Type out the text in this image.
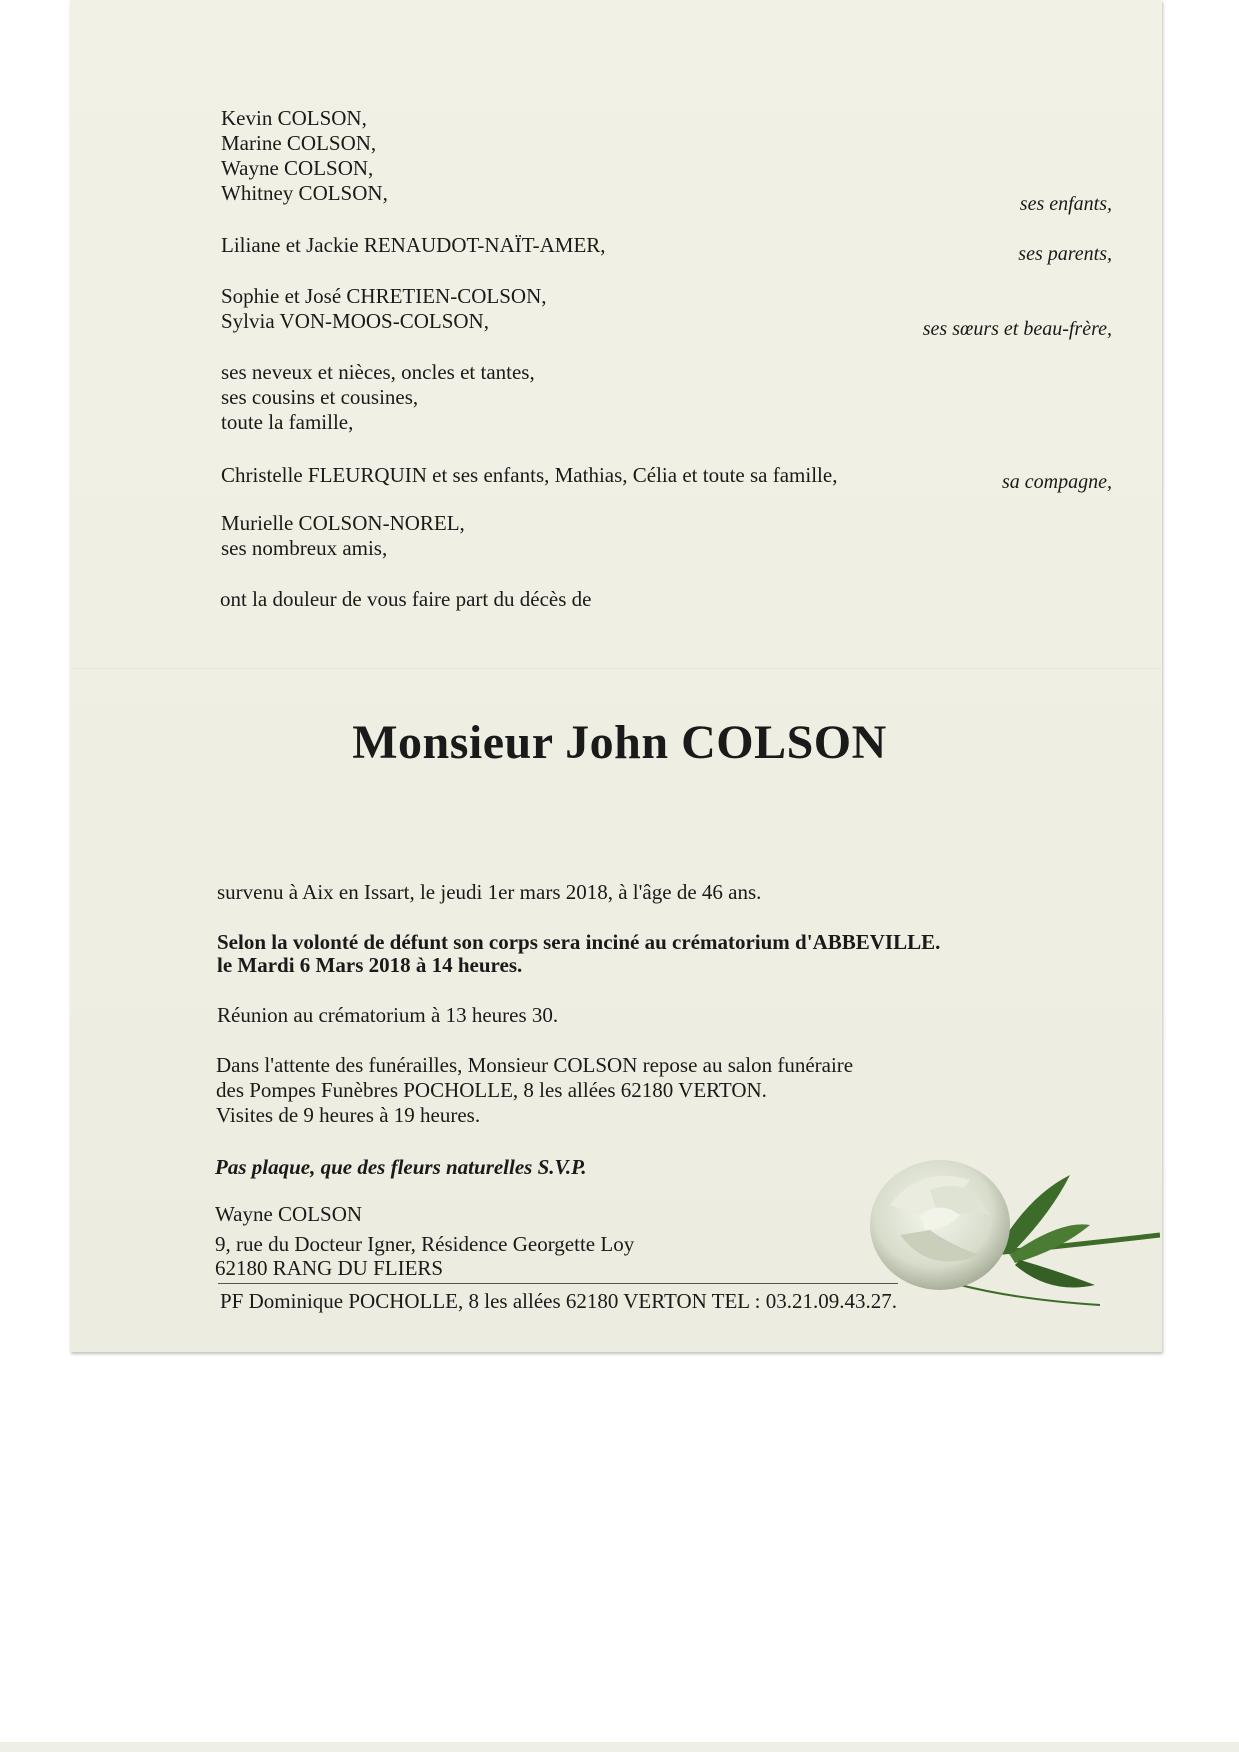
Kevin COLSON,
Marine COLSON,
Wayne COLSON,
Whitney COLSON,	ses enfants,
Liliane et Jackie RENAUDOT-NAÏT-AMER,	ses parents,
Sophie et José CHRETIEN-COLSON,
Sylvia VON-MOOS-COLSON,	ses sœurs et beau-frère,
ses neveux et nièces, oncles et tantes,
ses cousins et cousines,
toute la famille,
Christelle FLEURQUIN et ses enfants, Mathias, Célia et toute sa famille,	sa compagne,
Murielle COLSON-NOREL,
ses nombreux amis,
ont la douleur de vous faire part du décès de
Monsieur John COLSON
survenu à Aix en Issart, le jeudi 1er mars 2018, à l'âge de 46 ans.
Selon la volonté de défunt son corps sera inciné au crématorium d'ABBEVILLE.
le Mardi 6 Mars 2018 à 14 heures.
Réunion au crématorium à 13 heures 30.
Dans l'attente des funérailles, Monsieur COLSON repose au salon funéraire
des Pompes Funèbres POCHOLLE, 8 les allées 62180 VERTON.
Visites de 9 heures à 19 heures.
Pas plaque, que des fleurs naturelles S.V.P.
Wayne COLSON
9, rue du Docteur Igner, Résidence Georgette Loy
62180 RANG DU FLIERS
PF Dominique POCHOLLE, 8 les allées 62180 VERTON TEL : 03.21.09.43.27.
